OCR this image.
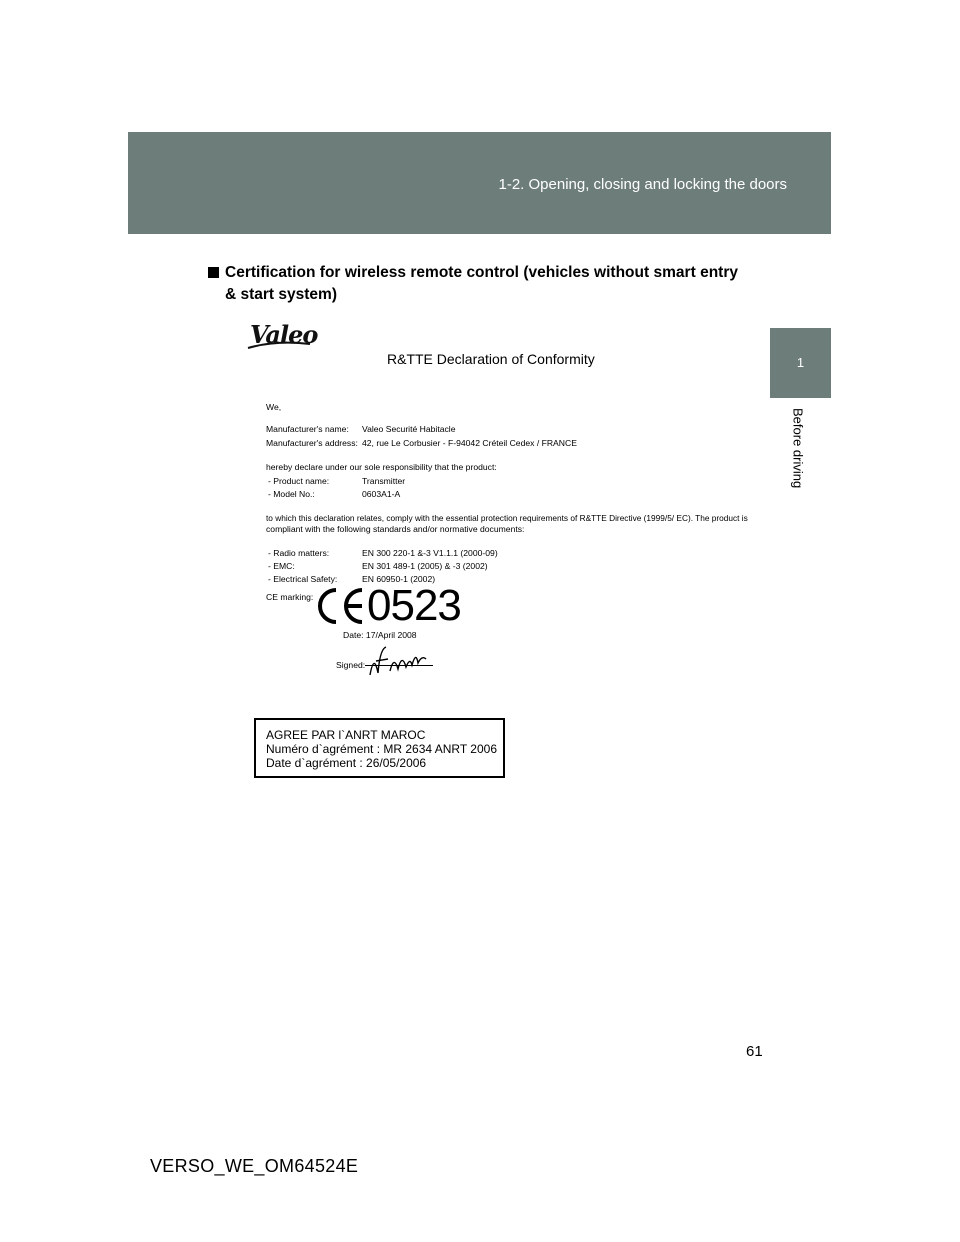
1-2. Opening, closing and locking the doors
1
Before driving
Certification for wireless remote control (vehicles without smart entry & start system)
Valeo
R&TTE Declaration of Conformity
We,
Manufacturer's name: Valeo Securité Habitacle
Manufacturer's address: 42, rue Le Corbusier - F-94042 Créteil Cedex / FRANCE
hereby declare under our sole responsibility that the product:
- Product name:	Transmitter
- Model No.:	0603A1-A
to which this declaration relates, comply with the essential protection requirements of R&TTE Directive (1999/5/ EC). The product is
compliant with the following standards and/or normative documents:
- Radio matters:	EN 300 220-1 &-3 V1.1.1 (2000-09)
- EMC:	EN 301 489-1 (2005) & -3 (2002)
- Electrical Safety:	EN 60950-1 (2002)
CE marking: 0523
Date: 17/April 2008
Signed:
AGREE PAR l`ANRT MAROC
Numéro d`agrément : MR 2634 ANRT 2006
Date d`agrément : 26/05/2006
61
VERSO_WE_OM64524E
